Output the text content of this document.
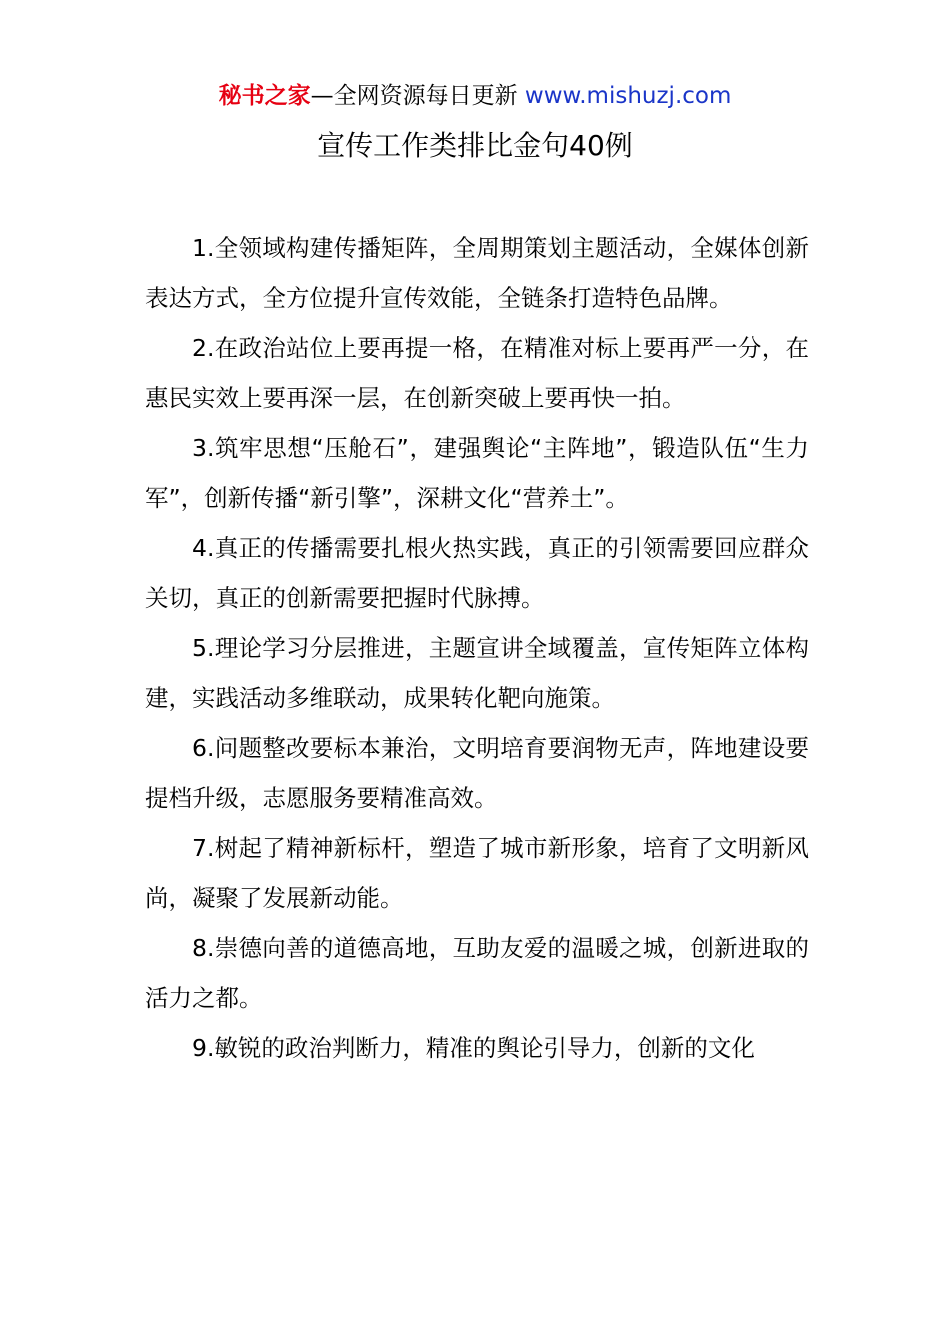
秘书之家—全网资源每日更新 www.mishuzj.com
宣传工作类排比金句40例

1.全领域构建传播矩阵，全周期策划主题活动，全媒体创新表达方式，全方位提升宣传效能，全链条打造特色品牌。

2.在政治站位上要再提一格，在精准对标上要再严一分，在惠民实效上要再深一层，在创新突破上要再快一拍。

3.筑牢思想“压舱石”，建强舆论“主阵地”，锻造队伍“生力军”，创新传播“新引擎”，深耕文化“营养土”。

4.真正的传播需要扎根火热实践，真正的引领需要回应群众关切，真正的创新需要把握时代脉搏。

5.理论学习分层推进，主题宣讲全域覆盖，宣传矩阵立体构建，实践活动多维联动，成果转化靶向施策。

6.问题整改要标本兼治，文明培育要润物无声，阵地建设要提档升级，志愿服务要精准高效。

7.树起了精神新标杆，塑造了城市新形象，培育了文明新风尚，凝聚了发展新动能。

8.崇德向善的道德高地，互助友爱的温暖之城，创新进取的活力之都。

9.敏锐的政治判断力，精准的舆论引导力，创新的文化
